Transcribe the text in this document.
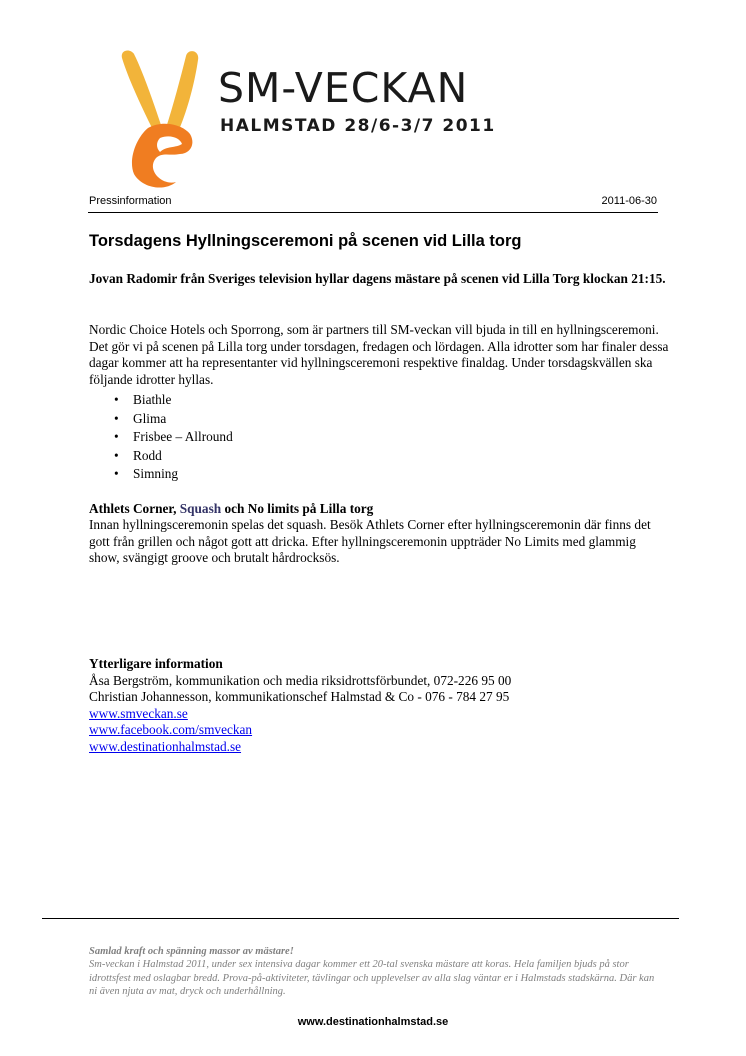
SM-VECKAN
HALMSTAD 28/6-3/7 2011
Pressinformation	2011-06-30
Torsdagens Hyllningsceremoni på scenen vid Lilla torg
Jovan Radomir från Sveriges television hyllar dagens mästare på scenen vid Lilla Torg klockan 21:15.
Nordic Choice Hotels och Sporrong, som är partners till SM-veckan vill bjuda in till en hyllningsceremoni. Det gör vi på scenen på Lilla torg under torsdagen, fredagen och lördagen. Alla idrotter som har finaler dessa dagar kommer att ha representanter vid hyllningsceremoni respektive finaldag. Under torsdagskvällen ska följande idrotter hyllas.
• Biathle
• Glima
• Frisbee – Allround
• Rodd
• Simning
Athlets Corner, Squash och No limits på Lilla torg
Innan hyllningsceremonin spelas det squash. Besök Athlets Corner efter hyllningsceremonin där finns det gott från grillen och något gott att dricka. Efter hyllningsceremonin uppträder No Limits med glammig show, svängigt groove och brutalt hårdrocksös.
Ytterligare information
Åsa Bergström, kommunikation och media riksidrottsförbundet, 072-226 95 00
Christian Johannesson, kommunikationschef Halmstad & Co - 076 - 784 27 95
www.smveckan.se
www.facebook.com/smveckan
www.destinationhalmstad.se
Samlad kraft och spänning massor av mästare!
Sm-veckan i Halmstad 2011, under sex intensiva dagar kommer ett 20-tal svenska mästare att koras. Hela familjen bjuds på stor idrottsfest med oslagbar bredd. Prova-på-aktiviteter, tävlingar och upplevelser av alla slag väntar er i Halmstads stadskärna. Där kan ni även njuta av mat, dryck och underhållning.
www.destinationhalmstad.se
